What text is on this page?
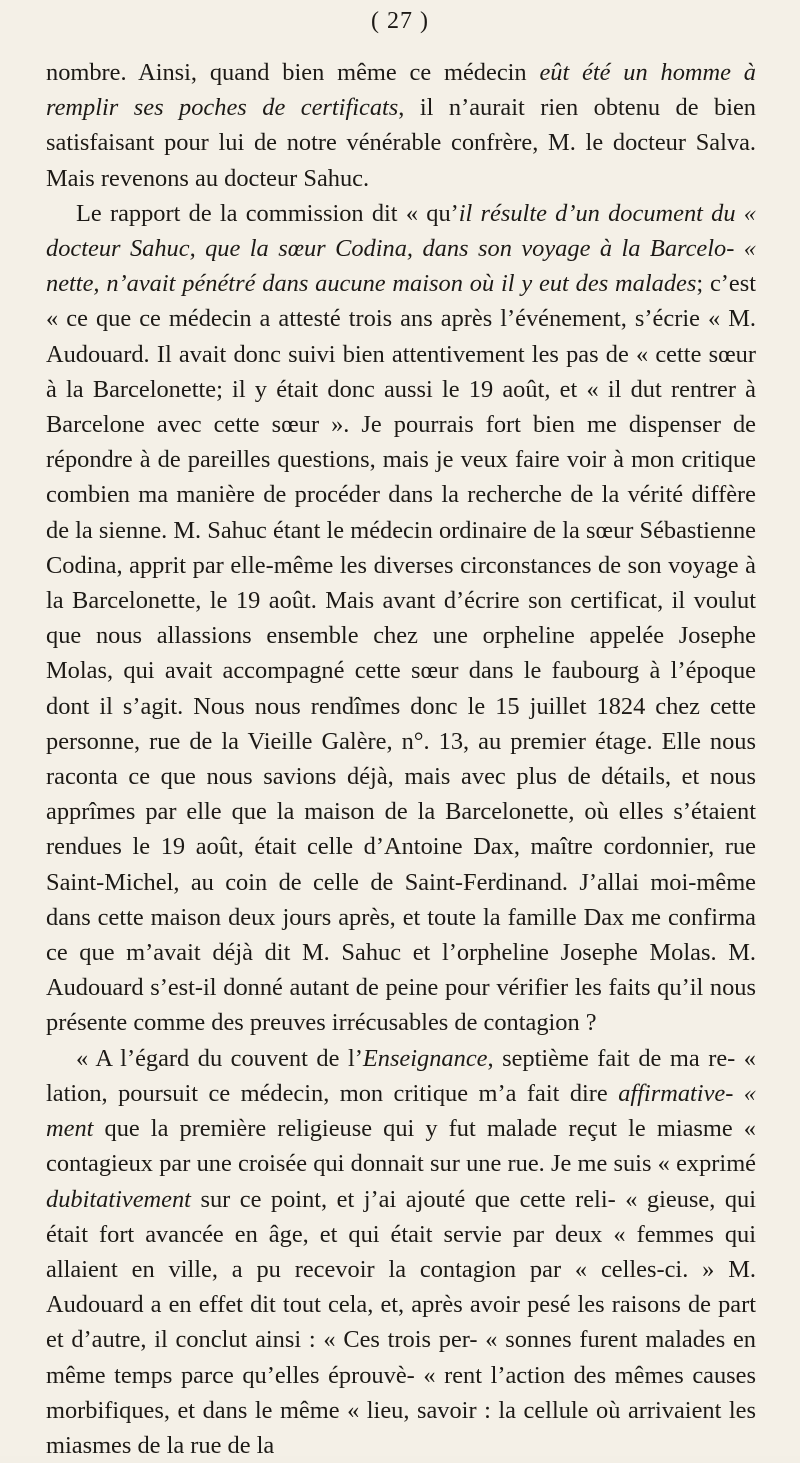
( 27 )

nombre. Ainsi, quand bien même ce médecin eût été un homme à remplir ses poches de certificats, il n’aurait rien obtenu de bien satisfaisant pour lui de notre vénérable confrère, M. le docteur Salva. Mais revenons au docteur Sahuc.

Le rapport de la commission dit « qu’il résulte d’un document du « docteur Sahuc, que la sœur Codina, dans son voyage à la Barcelo- « nette, n’avait pénétré dans aucune maison où il y eut des malades; c’est « ce que ce médecin a attesté trois ans après l’événement, s’écrie « M. Audouard. Il avait donc suivi bien attentivement les pas de « cette sœur à la Barcelonette; il y était donc aussi le 19 août, et « il dut rentrer à Barcelone avec cette sœur ». Je pourrais fort bien me dispenser de répondre à de pareilles questions, mais je veux faire voir à mon critique combien ma manière de procéder dans la recherche de la vérité diffère de la sienne. M. Sahuc étant le médecin ordinaire de la sœur Sébastienne Codina, apprit par elle-même les diverses circonstances de son voyage à la Barcelonette, le 19 août. Mais avant d’écrire son certificat, il voulut que nous allassions ensemble chez une orpheline appelée Josephe Molas, qui avait accompagné cette sœur dans le faubourg à l’époque dont il s’agit. Nous nous rendîmes donc le 15 juillet 1824 chez cette personne, rue de la Vieille Galère, n°. 13, au premier étage. Elle nous raconta ce que nous savions déjà, mais avec plus de détails, et nous apprîmes par elle que la maison de la Barcelonette, où elles s’étaient rendues le 19 août, était celle d’Antoine Dax, maître cordonnier, rue Saint-Michel, au coin de celle de Saint-Ferdinand. J’allai moi-même dans cette maison deux jours après, et toute la famille Dax me confirma ce que m’avait déjà dit M. Sahuc et l’orpheline Josephe Molas. M. Audouard s’est-il donné autant de peine pour vérifier les faits qu’il nous présente comme des preuves irrécusables de contagion ?

« A l’égard du couvent de l’Enseignance, septième fait de ma re- « lation, poursuit ce médecin, mon critique m’a fait dire affirmative- « ment que la première religieuse qui y fut malade reçut le miasme « contagieux par une croisée qui donnait sur une rue. Je me suis « exprimé dubitativement sur ce point, et j’ai ajouté que cette reli- « gieuse, qui était fort avancée en âge, et qui était servie par deux « femmes qui allaient en ville, a pu recevoir la contagion par « celles-ci. » M. Audouard a en effet dit tout cela, et, après avoir pesé les raisons de part et d’autre, il conclut ainsi : « Ces trois per- « sonnes furent malades en même temps parce qu’elles éprouvè- « rent l’action des mêmes causes morbifiques, et dans le même « lieu, savoir : la cellule où arrivaient les miasmes de la rue de la
